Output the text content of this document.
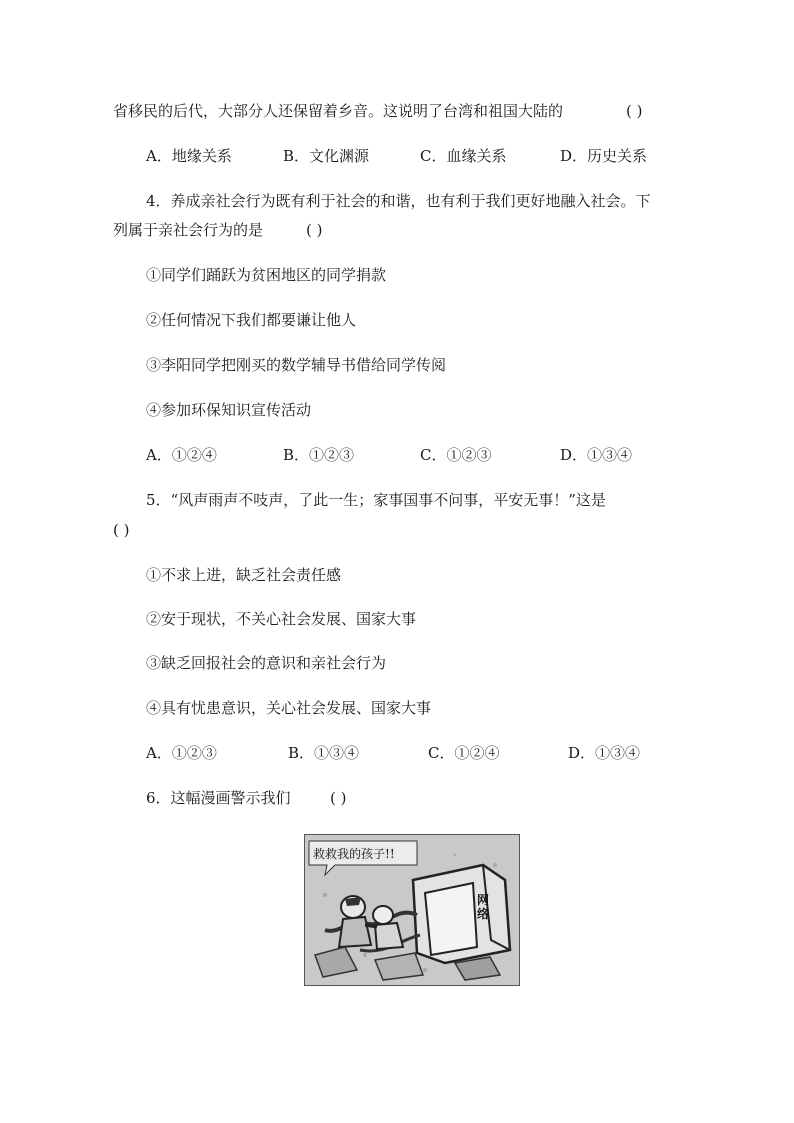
省移民的后代，大部分人还保留着乡音。这说明了台湾和祖国大陆的	( )
A．地缘关系	B．文化渊源	C．血缘关系	D．历史关系
4．养成亲社会行为既有利于社会的和谐，也有利于我们更好地融入社会。下
列属于亲社会行为的是	( )
①同学们踊跃为贫困地区的同学捐款
②任何情况下我们都要谦让他人
③李阳同学把刚买的数学辅导书借给同学传阅
④参加环保知识宣传活动
A．①②④	B．①②③	C．①②③	D．①③④
5．“风声雨声不吱声，了此一生；家事国事不问事，平安无事！”这是
( )
①不求上进，缺乏社会责任感
②安于现状，不关心社会发展、国家大事
③缺乏回报社会的意识和亲社会行为
④具有忧患意识，关心社会发展、国家大事
A．①②③	B．①③④	C．①②④	D．①③④
6．这幅漫画警示我们	( )
救救我的孩子!!
网络
